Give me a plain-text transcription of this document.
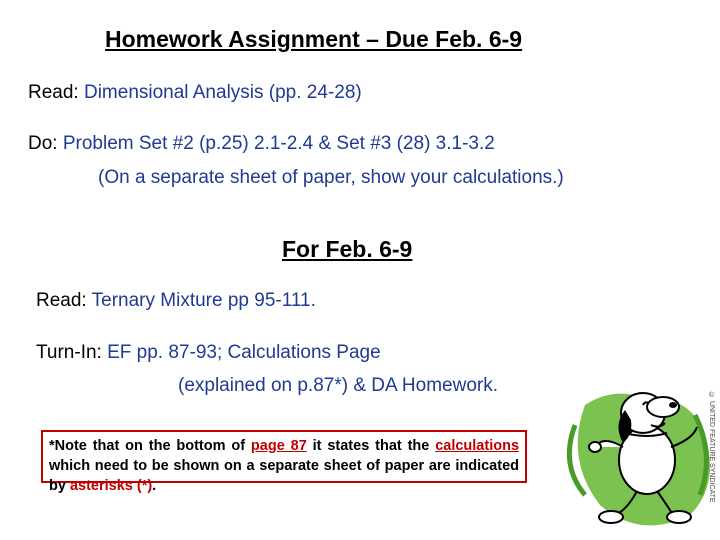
Homework Assignment – Due Feb. 6-9
Read: Dimensional Analysis (pp. 24-28)
Do: Problem Set #2 (p.25) 2.1-2.4 & Set #3 (28) 3.1-3.2
(On a separate sheet of paper, show your calculations.)
For Feb. 6-9
Read: Ternary Mixture pp 95-111.
Turn-In: EF pp. 87-93; Calculations Page
(explained on p.87*) & DA Homework.
*Note that on the bottom of page 87 it states that the calculations which need to be shown on a separate sheet of paper are indicated by asterisks (*).	© UNITED FEATURE SYNDICATE
